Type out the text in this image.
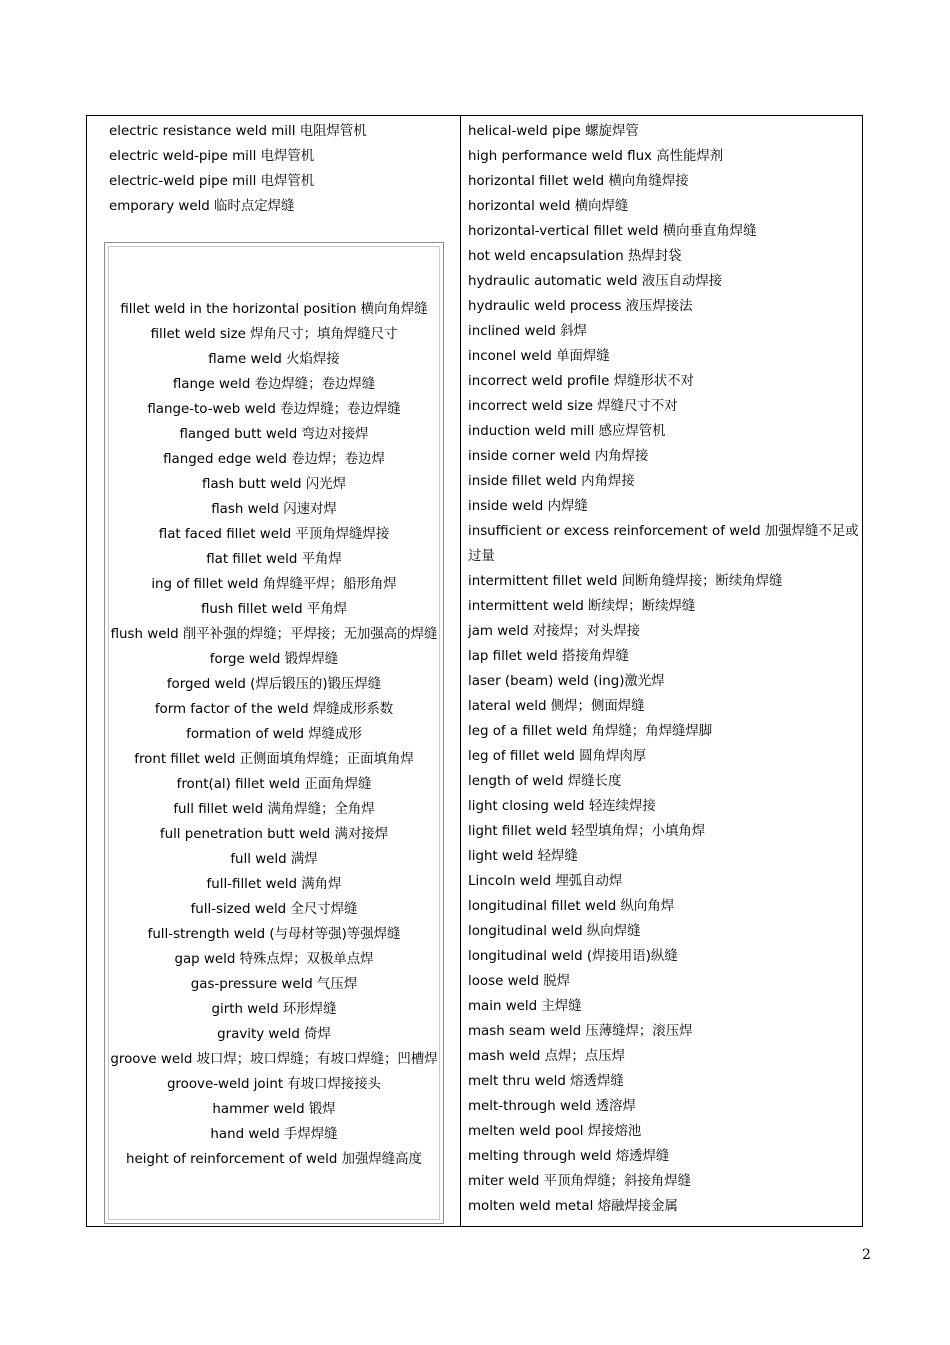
electric resistance weld mill 电阻焊管机
electric weld-pipe mill 电焊管机
electric-weld pipe mill 电焊管机
emporary weld 临时点定焊缝
fillet weld in the horizontal position 横向角焊缝
fillet weld size 焊角尺寸；填角焊缝尺寸
flame weld 火焰焊接
flange weld 卷边焊缝；卷边焊缝
flange-to-web weld 卷边焊缝；卷边焊缝
flanged butt weld 弯边对接焊
flanged edge weld 卷边焊；卷边焊
flash butt weld 闪光焊
flash weld 闪速对焊
flat faced fillet weld 平顶角焊缝焊接
flat fillet weld 平角焊
ing of fillet weld 角焊缝平焊；船形角焊
flush fillet weld 平角焊
flush weld 削平补强的焊缝；平焊接；无加强高的焊缝
forge weld 锻焊焊缝
forged weld (焊后锻压的)锻压焊缝
form factor of the weld 焊缝成形系数
formation of weld 焊缝成形
front fillet weld 正侧面填角焊缝；正面填角焊
front(al) fillet weld 正面角焊缝
full fillet weld 满角焊缝；全角焊
full penetration butt weld 满对接焊
full weld 满焊
full-fillet weld 满角焊
full-sized weld 全尺寸焊缝
full-strength weld (与母材等强)等强焊缝
gap weld 特殊点焊；双极单点焊
gas-pressure weld 气压焊
girth weld 环形焊缝
gravity weld 倚焊
groove weld 坡口焊；坡口焊缝；有坡口焊缝；凹槽焊
groove-weld joint 有坡口焊接接头
hammer weld 锻焊
hand weld 手焊焊缝
height of reinforcement of weld 加强焊缝高度
helical-weld pipe 螺旋焊管
high performance weld flux 高性能焊剂
horizontal fillet weld 横向角缝焊接
horizontal weld 横向焊缝
horizontal-vertical fillet weld 横向垂直角焊缝
hot weld encapsulation 热焊封袋
hydraulic automatic weld 液压自动焊接
hydraulic weld process 液压焊接法
inclined weld 斜焊
inconel weld 单面焊缝
incorrect weld profile 焊缝形状不对
incorrect weld size 焊缝尺寸不对
induction weld mill 感应焊管机
inside corner weld 内角焊接
inside fillet weld 内角焊接
inside weld 内焊缝
insufficient or excess reinforcement of weld 加强焊缝不足或过量
intermittent fillet weld 间断角缝焊接；断续角焊缝
intermittent weld 断续焊；断续焊缝
jam weld 对接焊；对头焊接
lap fillet weld 搭接角焊缝
laser (beam) weld (ing)激光焊
lateral weld 侧焊；侧面焊缝
leg of a fillet weld 角焊缝；角焊缝焊脚
leg of fillet weld 圆角焊肉厚
length of weld 焊缝长度
light closing weld 轻连续焊接
light fillet weld 轻型填角焊；小填角焊
light weld 轻焊缝
Lincoln weld 埋弧自动焊
longitudinal fillet weld 纵向角焊
longitudinal weld 纵向焊缝
longitudinal weld (焊接用语)纵缝
loose weld 脱焊
main weld 主焊缝
mash seam weld 压薄缝焊；滚压焊
mash weld 点焊；点压焊
melt thru weld 熔透焊缝
melt-through weld 透溶焊
melten weld pool 焊接熔池
melting through weld 熔透焊缝
miter weld 平顶角焊缝；斜接角焊缝
molten weld metal 熔融焊接金属
2
